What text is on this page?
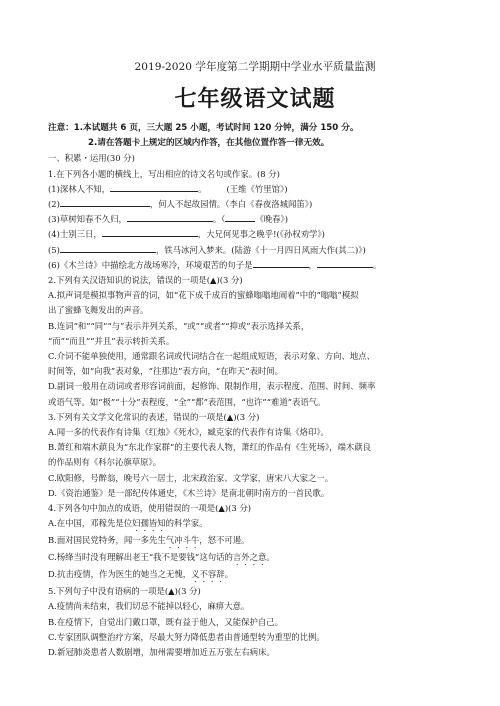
2019-2020 学年度第二学期期中学业水平质量监测
七年级语文试题
注意：1.本试题共 6 页，三大题 25 小题，考试时间 120 分钟，满分 150 分。
2.请在答题卡上规定的区域内作答，在其他位置作答一律无效。
一、积累・运用(30 分)
1.在下列各小题的横线上，写出相应的诗文名句或作家。(8 分)
(1)深林人不知，	。 (王维《竹里馆》)
(2)	，何人不起故园情。（李白《春夜洛城闻笛》)
(3)草树知春不久归，	。（	《晚春》)
(4)士别三日，	，大兄何见事之晚乎!(《孙权劝学》)
(5)	，铁马冰河入梦来。(陆游《十一月四日风雨大作(其二)》)
(6)《木兰诗》中描绘北方战场寒冷，环境艰苦的句子是	，	。
2.下列有关汉语知识的说法，错误的一项是(▲)(3 分)
A.拟声词是模拟事物声音的词，如“花下成千成百的蜜蜂嗡嗡地闹着”中的“嗡嗡”模拟
出了蜜蜂飞舞发出的声音。
B.连词“和”“同”“与”表示并列关系，“或”“或者”“抑或”表示选择关系，
“而”“而且”“并且”表示转折关系。
C.介词不能单独使用，通常跟名词或代词结合在一起组成短语，表示对象、方向、地点、
时间等，如“向我”表对象，“往那边”表方向，“在昨天”表时间。
D.副词一般用在动词或者形容词前面，起修饰、限制作用，表示程度、范围、时间、频率
或语气等。如“极”“十分”表程度，“全”“都”表范围，“也许”“难道”表语气。
3.下列有关文学文化常识的表述，错误的一项是(▲)(3 分)
A.闻一多的代表作有诗集《红烛》《死水》，臧克家的代表作有诗集《烙印》。
B.萧红和端木蕻良为“东北作家群”的主要代表人物，萧红的作品有《生死场》，端木蕻良
的作品则有《科尔沁旗草原》。
C.欧阳修，号醉翁，晚号六一居士，北宋政治家、文学家，唐宋八大家之一。
D.《资治通鉴》是一部纪传体通史，《木兰诗》是南北朝时南方的一首民歌。
4.下列各句中加点的成语，使用错误的一项是(▲)(3 分)
A.在中国，邓稼先是位妇孺皆知的科学家。
B.面对国民党特务，闻一多先生气冲斗牛，怒不可遏。
C.杨绛当时没有理解出老王“我不是要钱”这句话的言外之意。
D.抗击疫情，作为医生的她当之无愧，义不容辞。
5.下列句子中没有语病的一项是(▲)(3 分)
A.疫情尚未结束，我们切忌不能掉以轻心，麻痹大意。
B.在疫情下，自觉出门戴口罩，既有益于他人，又能保护自己。
C.专家团队调整治疗方案，尽最大努力降低患者由普通型转为重型的比例。
D.新冠肺炎患者人数剧增，加州需要增加近五万张左右病床。
